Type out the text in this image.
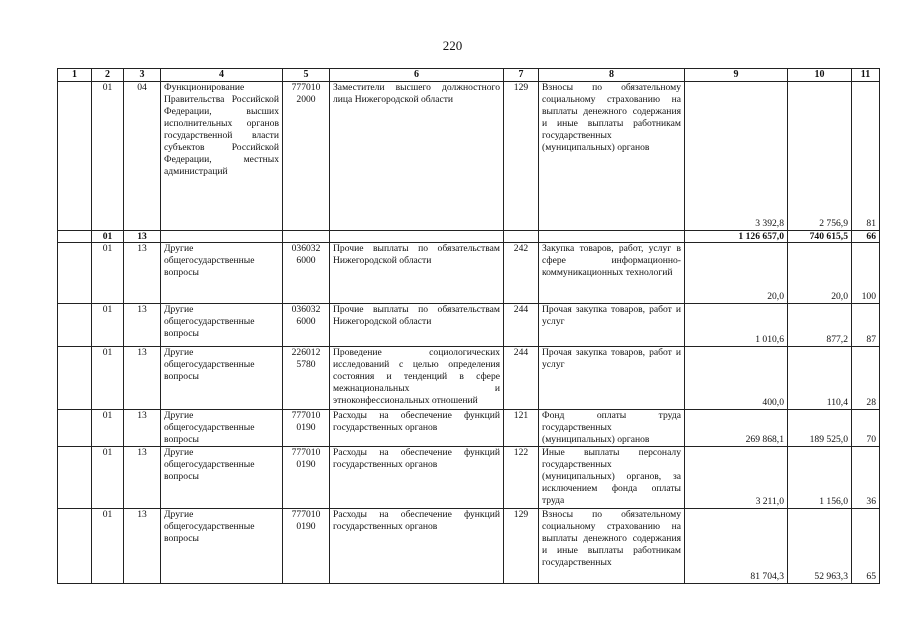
220
1	2	3	4	5	6	7	8	9	10	11
	01	04	Функционирование Правительства Российской Федерации, высших исполнительных органов государственной власти субъектов Российской Федерации, местных администраций	777010 2000	Заместители высшего должностного лица Нижегородской области	129	Взносы по обязательному социальному страхованию на выплаты денежного содержания и иные выплаты работникам государственных (муниципальных) органов	3 392,8	2 756,9	81
	01	13						1 126 657,0	740 615,5	66
	01	13	Другие общегосударственные вопросы	036032 6000	Прочие выплаты по обязательствам Нижегородской области	242	Закупка товаров, работ, услуг в сфере информационно-коммуникационных технологий	20,0	20,0	100
	01	13	Другие общегосударственные вопросы	036032 6000	Прочие выплаты по обязательствам Нижегородской области	244	Прочая закупка товаров, работ и услуг	1 010,6	877,2	87
	01	13	Другие общегосударственные вопросы	226012 5780	Проведение социологических исследований с целью определения состояния и тенденций в сфере межнациональных и этноконфессиональных отношений	244	Прочая закупка товаров, работ и услуг	400,0	110,4	28
	01	13	Другие общегосударственные вопросы	777010 0190	Расходы на обеспечение функций государственных органов	121	Фонд оплаты труда государственных (муниципальных) органов	269 868,1	189 525,0	70
	01	13	Другие общегосударственные вопросы	777010 0190	Расходы на обеспечение функций государственных органов	122	Иные выплаты персоналу государственных (муниципальных) органов, за исключением фонда оплаты труда	3 211,0	1 156,0	36
	01	13	Другие общегосударственные вопросы	777010 0190	Расходы на обеспечение функций государственных органов	129	Взносы по обязательному социальному страхованию на выплаты денежного содержания и иные выплаты работникам государственных	81 704,3	52 963,3	65
